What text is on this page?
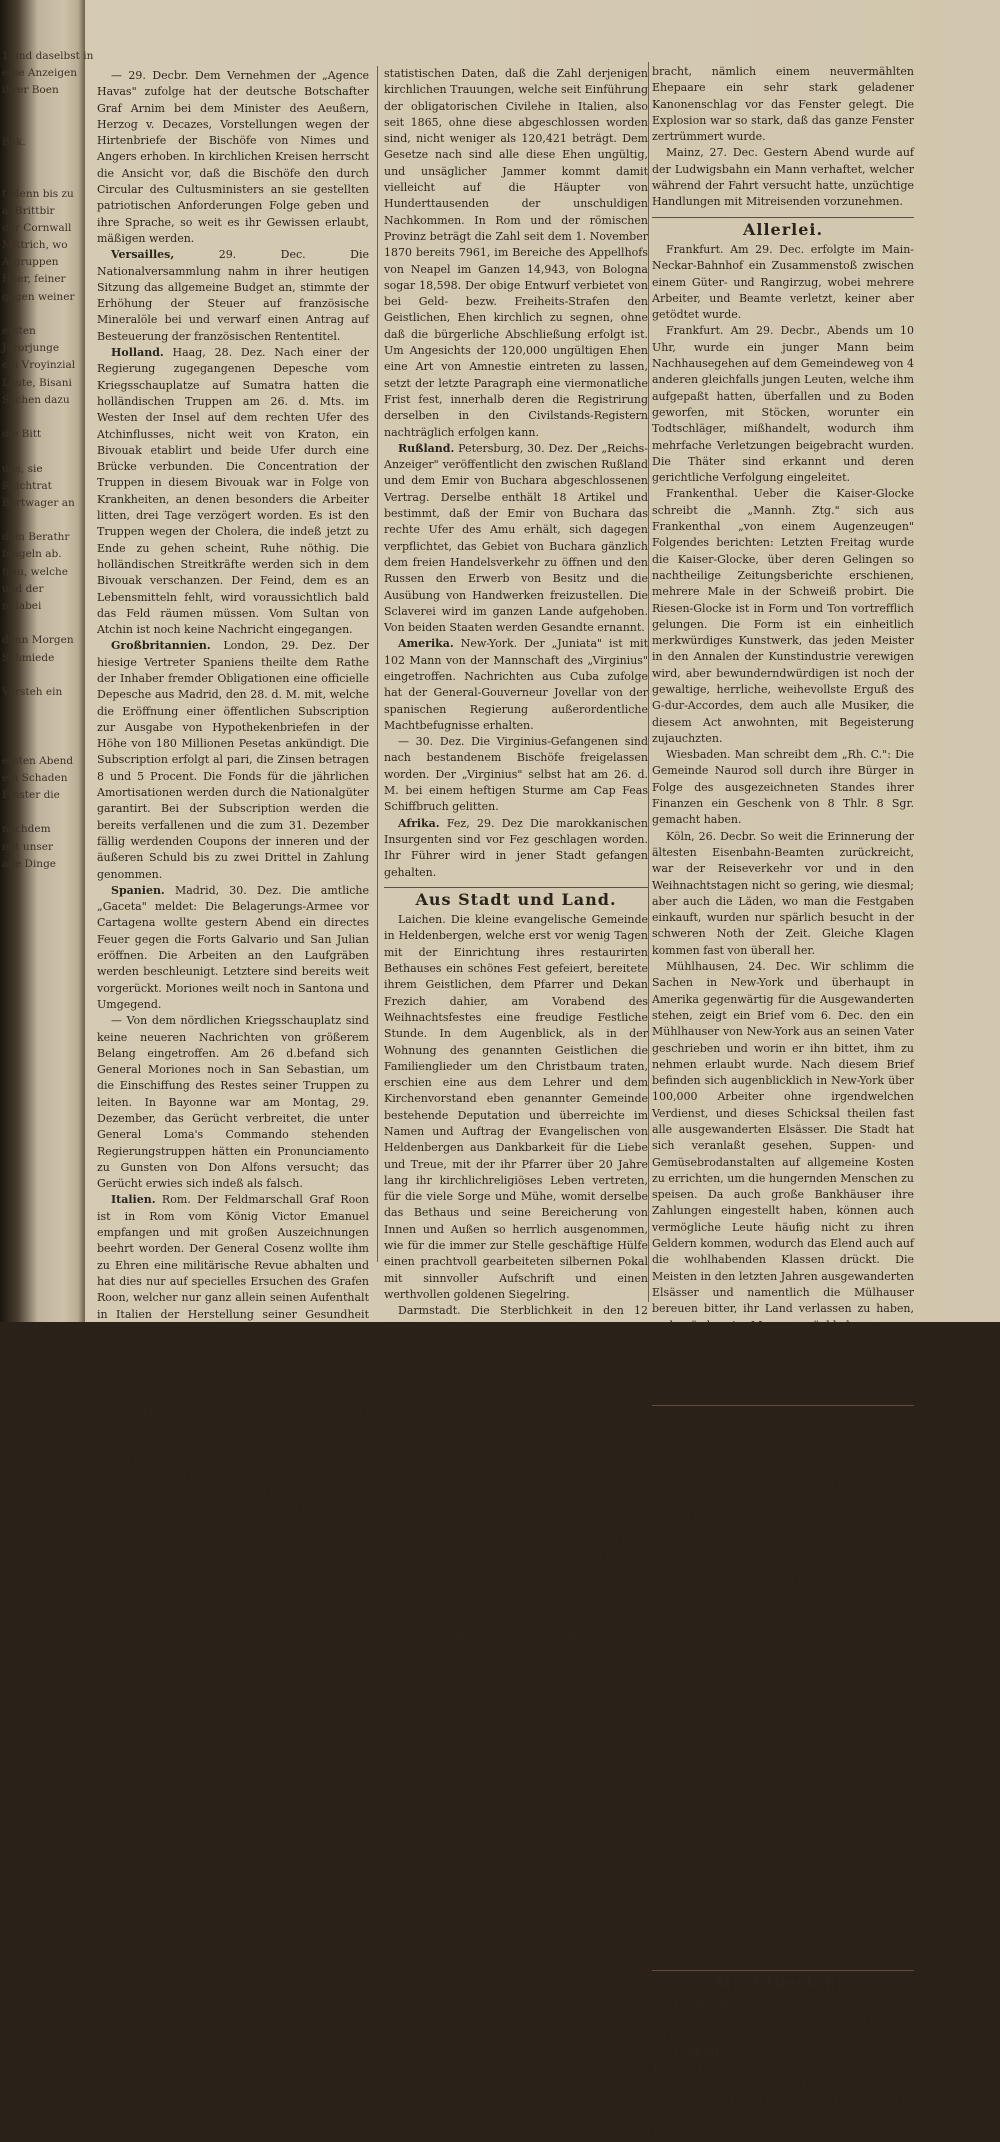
1 und daselbst in
eine Anzeigen
ihrer Boen
Bäk.
t, denn bis zu
a, Brittbir
der Cornwall
Mittrich, wo
Atgruppen
Heer, feiner
gegen weiner
ersten
Jurorjunge
ein Vroyinzial
Leute, Bisani
Sachen dazu
die Bitt
uns, sie
Reichtrat
Bertwager an
dem Berathr
fengeln ab.
frau, welche
und der
n dabei
denn Morgen
Schmiede
Vorsteh ein
ersten Abend
ein Schaden
Finster die
nachdem
mit unser
alle Dinge

— 29. Decbr. Dem Vernehmen der „Agence Havas" zufolge hat der deutsche Botschafter Graf Arnim bei dem Minister des Aeußern, Herzog v. Decazes, Vorstellungen wegen der Hirtenbriefe der Bischöfe von Nimes und Angers erhoben. In kirchlichen Kreisen herrscht die Ansicht vor, daß die Bischöfe den durch Circular des Cultusministers an sie gestellten patriotischen Anforderungen Folge geben und ihre Sprache, so weit es ihr Gewissen erlaubt, mäßigen werden.

Versailles, 29. Dec. Die Nationalversammlung nahm in ihrer heutigen Sitzung das allgemeine Budget an, stimmte der Erhöhung der Steuer auf französische Mineralöle bei und verwarf einen Antrag auf Besteuerung der französischen Rententitel.

Holland. Haag, 28. Dez. Nach einer der Regierung zugegangenen Depesche vom Kriegsschauplatze auf Sumatra hatten die holländischen Truppen am 26. d. Mts. im Westen der Insel auf dem rechten Ufer des Atchinflusses, nicht weit von Kraton, ein Bivouak etablirt und beide Ufer durch eine Brücke verbunden. Die Concentration der Truppen in diesem Bivouak war in Folge von Krankheiten, an denen besonders die Arbeiter litten, drei Tage verzögert worden. Es ist den Truppen wegen der Cholera, die indeß jetzt zu Ende zu gehen scheint, Ruhe nöthig. Die holländischen Streitkräfte werden sich in dem Bivouak verschanzen. Der Feind, dem es an Lebensmitteln fehlt, wird voraussichtlich bald das Feld räumen müssen. Vom Sultan von Atchin ist noch keine Nachricht eingegangen.

Großbritannien. London, 29. Dez. Der hiesige Vertreter Spaniens theilte dem Rathe der Inhaber fremder Obligationen eine officielle Depesche aus Madrid, den 28. d. M. mit, welche die Eröffnung einer öffentlichen Subscription zur Ausgabe von Hypothekenbriefen in der Höhe von 180 Millionen Pesetas ankündigt. Die Subscription erfolgt al pari, die Zinsen betragen 8 und 5 Procent. Die Fonds für die jährlichen Amortisationen werden durch die Nationalgüter garantirt. Bei der Subscription werden die bereits verfallenen und die zum 31. Dezember fällig werdenden Coupons der inneren und der äußeren Schuld bis zu zwei Drittel in Zahlung genommen.

Spanien. Madrid, 30. Dez. Die amtliche „Gaceta" meldet: Die Belagerungs-Armee vor Cartagena wollte gestern Abend ein directes Feuer gegen die Forts Galvario und San Julian eröffnen. Die Arbeiten an den Laufgräben werden beschleunigt. Letztere sind bereits weit vorgerückt. Moriones weilt noch in Santona und Umgegend.

— Von dem nördlichen Kriegsschauplatz sind keine neueren Nachrichten von größerem Belang eingetroffen. Am 26 d.befand sich General Moriones noch in San Sebastian, um die Einschiffung des Restes seiner Truppen zu leiten. In Bayonne war am Montag, 29. Dezember, das Gerücht verbreitet, die unter General Loma's Commando stehenden Regierungstruppen hätten ein Pronunciamento zu Gunsten von Don Alfons versucht; das Gerücht erwies sich indeß als falsch.

Italien. Rom. Der Feldmarschall Graf Roon ist in Rom vom König Victor Emanuel empfangen und mit großen Auszeichnungen beehrt worden. Der General Cosenz wollte ihm zu Ehren eine militärische Revue abhalten und hat dies nur auf specielles Ersuchen des Grafen Roon, welcher nur ganz allein seinen Aufenthalt in Italien der Herstellung seiner Gesundheit widmen will, aufgegeben. Der Graf ist inzwischen nach Neapel abgereist und wird von dort in einigen Tagen seine Reise nach Palermo fortsetzen.

— 23. Dez. Man schreibt der „K. Ztg.": Der Bericht über den Gesetzentwurf, nach welchem die kirchliche Trauung erst dann gestattet sein soll, wenn die bürgerliche bereits erfolgt ist, hat man kaum in der Kammer vertheilt, da verlangen schon Publikum und Presse nachdrücklich, daß derselbe ohne jeden Verzug in Berathung genommen werden solle. Und die Zahlen, die hierbei mit Schrecken erregender Deutlichkeit reden, verlangen dies noch nachdrücklicher. Ergibt sich doch aus den neuesten

statistischen Daten, daß die Zahl derjenigen kirchlichen Trauungen, welche seit Einführung der obligatorischen Civilehe in Italien, also seit 1865, ohne diese abgeschlossen worden sind, nicht weniger als 120,421 beträgt. Dem Gesetze nach sind alle diese Ehen ungültig, und unsäglicher Jammer kommt damit vielleicht auf die Häupter von Hunderttausenden der unschuldigen Nachkommen. In Rom und der römischen Provinz beträgt die Zahl seit dem 1. November 1870 bereits 7961, im Bereiche des Appellhofs von Neapel im Ganzen 14,943, von Bologna sogar 18,598. Der obige Entwurf verbietet von bei Geld- bezw. Freiheits-Strafen den Geistlichen, Ehen kirchlich zu segnen, ohne daß die bürgerliche Abschließung erfolgt ist. Um Angesichts der 120,000 ungültigen Ehen eine Art von Amnestie eintreten zu lassen, setzt der letzte Paragraph eine viermonatliche Frist fest, innerhalb deren die Registrirung derselben in den Civilstands-Registern nachträglich erfolgen kann.

Rußland. Petersburg, 30. Dez. Der „Reichs-Anzeiger" veröffentlicht den zwischen Rußland und dem Emir von Buchara abgeschlossenen Vertrag. Derselbe enthält 18 Artikel und bestimmt, daß der Emir von Buchara das rechte Ufer des Amu erhält, sich dagegen verpflichtet, das Gebiet von Buchara gänzlich dem freien Handelsverkehr zu öffnen und den Russen den Erwerb von Besitz und die Ausübung von Handwerken freizustellen. Die Sclaverei wird im ganzen Lande aufgehoben. Von beiden Staaten werden Gesandte ernannt.

Amerika. New-York. Der „Juniata" ist mit 102 Mann von der Mannschaft des „Virginius" eingetroffen. Nachrichten aus Cuba zufolge hat der General-Gouverneur Jovellar von der spanischen Regierung außerordentliche Machtbefugnisse erhalten.

— 30. Dez. Die Virginius-Gefangenen sind nach bestandenem Bischöfe freigelassen worden. Der „Virginius" selbst hat am 26. d. M. bei einem heftigen Sturme am Cap Feas Schiffbruch gelitten.

Afrika. Fez, 29. Dez Die marokkanischen Insurgenten sind vor Fez geschlagen worden. Ihr Führer wird in jener Stadt gefangen gehalten.

Aus Stadt und Land.

Laichen. Die kleine evangelische Gemeinde in Heldenbergen, welche erst vor wenig Tagen mit der Einrichtung ihres restaurirten Bethauses ein schönes Fest gefeiert, bereitete ihrem Geistlichen, dem Pfarrer und Dekan Frezich dahier, am Vorabend des Weihnachtsfestes eine freudige Festliche Stunde. In dem Augenblick, als in der Wohnung des genannten Geistlichen die Familienglieder um den Christbaum traten, erschien eine aus dem Lehrer und dem Kirchenvorstand eben genannter Gemeinde bestehende Deputation und überreichte im Namen und Auftrag der Evangelischen von Heldenbergen aus Dankbarkeit für die Liebe und Treue, mit der ihr Pfarrer über 20 Jahre lang ihr kirchlichreligiöses Leben vertreten, für die viele Sorge und Mühe, womit derselbe das Bethaus und seine Bereicherung von Innen und Außen so herrlich ausgenommen, wie für die immer zur Stelle geschäftige Hülfe einen prachtvoll gearbeiteten silbernen Pokal mit sinnvoller Aufschrift und einen werthvollen goldenen Siegelring.

Darmstadt. Die Sterblichkeit in den 12 größten Gemeinden des Großherzogthums im Monat November l. J. war im Ganzen genommen eine normale, wenn auch in einzelnen Gemeinden Abweichungen hiervon zu konstatiren waren. Die Zahl der Todesfälle betrug 324, gegen 326 im entsprechenden Monat des Vorjahres. An epidemischen, zymotischen und ähnlichen Krankheiten verstarben 46 Personen oder 7 weniger als im November 1872. Diarrhoe erforderte 11 Opfer und zwar 4 in Darmstadt, 2 in Offenbach und je 1 in Mainz, Worms, Lampertheim, Bensheim und Heppenheim. An Typhus verstarb 1 Person in Mainz, am Abdominal-Typhus 7 Personen, je 3 in Mainz und Gießen und 1 in Darmstadt, an häutiger Bräune je 1 Person in Darmstadt, Lampertheim und Bensheim, an Keuchhusten 2 Personen in Worms und je 1 in Darmstadt und Offenbach, an Diphtheritis 3 Personen in Heppenheim, 2 in Offenbach, 1 in Gießen, an Kindbettkrankheiten je 1 in Mainz, Offenbach und Worms, an Scharlach 2 in Mainz, je 1 in Offenbach und Bingen, an Masern 3 in Mainz, 1 in Darmstadt. — An sonstigen Krankheiten mit Einschluß der Todtgeborenen ereigneten sich 278 Sterbefälle, gegen 273 im November v. J. Von Letzteren trafen auf Todtgeburten 31, Tod aus Altersschwäche 22, Marasmus 12, Lungentuberculose 40, Krämpfe 19, Entzündung der Bronchien 13, Lungenentzündung 16 organische Herzkrankheiten 18 Fälle ec.

Da mstadt, 29. Dec. Heute Nacht wurde vor dem Jägerthor ein sehr schlechter Witz zur Ausführung ge-

bracht, nämlich einem neuvermählten Ehepaare ein sehr stark geladener Kanonenschlag vor das Fenster gelegt. Die Explosion war so stark, daß das ganze Fenster zertrümmert wurde.

Mainz, 27. Dec. Gestern Abend wurde auf der Ludwigsbahn ein Mann verhaftet, welcher während der Fahrt versucht hatte, unzüchtige Handlungen mit Mitreisenden vorzunehmen.

Allerlei.

Frankfurt. Am 29. Dec. erfolgte im Main-Neckar-Bahnhof ein Zusammenstoß zwischen einem Güter- und Rangirzug, wobei mehrere Arbeiter, und Beamte verletzt, keiner aber getödtet wurde.

Frankfurt. Am 29. Decbr., Abends um 10 Uhr, wurde ein junger Mann beim Nachhausegehen auf dem Gemeindeweg von 4 anderen gleichfalls jungen Leuten, welche ihm aufgepaßt hatten, überfallen und zu Boden geworfen, mit Stöcken, worunter ein Todtschläger, mißhandelt, wodurch ihm mehrfache Verletzungen beigebracht wurden. Die Thäter sind erkannt und deren gerichtliche Verfolgung eingeleitet.

Frankenthal. Ueber die Kaiser-Glocke schreibt die „Mannh. Ztg." sich aus Frankenthal „von einem Augenzeugen" Folgendes berichten: Letzten Freitag wurde die Kaiser-Glocke, über deren Gelingen so nachtheilige Zeitungsberichte erschienen, mehrere Male in der Schweiß probirt. Die Riesen-Glocke ist in Form und Ton vortrefflich gelungen. Die Form ist ein einheitlich merkwürdiges Kunstwerk, das jeden Meister in den Annalen der Kunstindustrie verewigen wird, aber bewunderndwürdigen ist noch der gewaltige, herrliche, weihevollste Erguß des G-dur-Accordes, dem auch alle Musiker, die diesem Act anwohnten, mit Begeisterung zujauchzten.

Wiesbaden. Man schreibt dem „Rh. C.": Die Gemeinde Naurod soll durch ihre Bürger in Folge des ausgezeichneten Standes ihrer Finanzen ein Geschenk von 8 Thlr. 8 Sgr. gemacht haben.

Köln, 26. Decbr. So weit die Erinnerung der ältesten Eisenbahn-Beamten zurückreicht, war der Reiseverkehr vor und in den Weihnachtstagen nicht so gering, wie diesmal; aber auch die Läden, wo man die Festgaben einkauft, wurden nur spärlich besucht in der schweren Noth der Zeit. Gleiche Klagen kommen fast von überall her.

Mühlhausen, 24. Dec. Wir schlimm die Sachen in New-York und überhaupt in Amerika gegenwärtig für die Ausgewanderten stehen, zeigt ein Brief vom 6. Dec. den ein Mühlhauser von New-York aus an seinen Vater geschrieben und worin er ihn bittet, ihm zu nehmen erlaubt wurde. Nach diesem Brief befinden sich augenblicklich in New-York über 100,000 Arbeiter ohne irgendwelchen Verdienst, und dieses Schicksal theilen fast alle ausgewanderten Elsässer. Die Stadt hat sich veranlaßt gesehen, Suppen- und Gemüsebrodanstalten auf allgemeine Kosten zu errichten, um die hungernden Menschen zu speisen. Da auch große Bankhäuser ihre Zahlungen eingestellt haben, können auch vermögliche Leute häufig nicht zu ihren Geldern kommen, wodurch das Elend auch auf die wohlhabenden Klassen drückt. Die Meisten in den letzten Jahren ausgewanderten Elsässer und namentlich die Mülhauser bereuen bitter, ihr Land verlassen zu haben, und würden in Masse zurückkehren, wenn ihnen die Mittel dazu nicht mangelten. Der Brief führt die Namen vieler Mülhauser an, deren Elend als herzzerreißend geschildert wird.

D. Frankfurt a. M., 30. Dec. Die Börse verkehrte heute, am Liquidationstage, in weiterer Tendenz als gestern und war das Geschäft sehr beschränkt da Umsätze meist nur in Verbindung mit der Ultimo-Regulirung stattfanden. Aus dem raschen Schwinden des anfänglich noch vorhandenen Deports, welcher sich im Report verwandelte, darf geschlossen werden, daß die Contremine ihre Positionen aufgegeben und schließlich lies noch die Geldbedarf bringend geblieben ist. Geld war heute noch fester wie gestern und wurden bis zu 6 pCt. Prolongationsgeben bewilligt. Für Creditactien und Staatsbahnactien wurde ein Report von 24 fr. gezahlt. Creditactien bewegten sich zwischen 242—40¼—41—42. Staatsbahnactien hielten sich fest und galten von 350¾ bis 351¾. Lombarden matt zu 168½. Oesterr. Bahnen waren wieder größtentheils offerirt. Elbthal sanken von 202½ bis 199. Galizier, Franz-Josef und Böhmen sind ebenfalls erheblich matter. Albrecht 3 fl. billiger. Banken vertheilten, ohne belebtes Geschäft, größtentheils zu normalen Coursen. Oesterr. Nationalbank fest. Handelsgesellschaft blieben bei gutem Begehr behauptet. Silberrente und Spanier matter. Von Amerikanischen Werthen Stocken und Copperopolis 1½ pCt. höher. Von Loosoffecten Creditloose matter. Mailänder 45 Fcs.-Loose, deren Ziehung morgen stattfindet und Schwedische 10-Thlr.-Loose höher. Von Wechseln Paris schwächer. Privatdisconto 4 pCt.

Marktbericht.

Friedberg, 31. Dec. Waizen 16 fl. 40 fr.; Korn 14 fl. — fr.; Gerste 12 fl. 40 fr.; Hafer 9 fl. 30 fr. Alle Preise verstehen sich per 100 Kilo.

Frankfurt, 29. Dec. Waizen effectiv bis. 17¼ fl. Korn 13½—14½ fl. Gerste 13½—14½ fl. Hafer 10 bis 10½ fl. Kohllamcht 16½ fl. Erbsen 12—14 fl. Wicken 10 fl. Linsen 12—17 fl. Rüböl 40 fl. Alle Preise verstehen sich per 100 Kilo.
